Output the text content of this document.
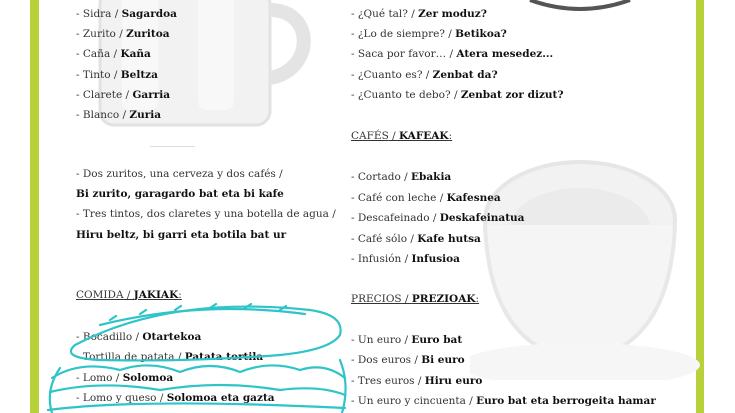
- Sidra / Sagardoa
- Zurito / Zuritoa
- Caña / Kaña
- Tinto / Beltza
- Clarete / Garria
- Blanco / Zuria
- Dos zuritos, una cerveza y dos cafés /
Bi zurito, garagardo bat eta bi kafe
- Tres tintos, dos claretes y una botella de agua /
Hiru beltz, bi garri eta botila bat ur
COMIDA / JAKIAK:
- Bocadillo / Otartekoa
- Tortilla de patata / Patata tortila
- Lomo / Solomoa
- Lomo y queso / Solomoa eta gazta
- ¿Qué tal? / Zer moduz?
- ¿Lo de siempre? / Betikoa?
- Saca por favor… / Atera mesedez...
- ¿Cuanto es? / Zenbat da?
- ¿Cuanto te debo? / Zenbat zor dizut?
CAFÉS / KAFEAK:
- Cortado / Ebakia
- Café con leche / Kafesnea
- Descafeinado / Deskafeinatua
- Café sólo / Kafe hutsa
- Infusión / Infusioa
PRECIOS / PREZIOAK:
- Un euro / Euro bat
- Dos euros / Bi euro
- Tres euros / Hiru euro
- Un euro y cincuenta / Euro bat eta berrogeita hamar
